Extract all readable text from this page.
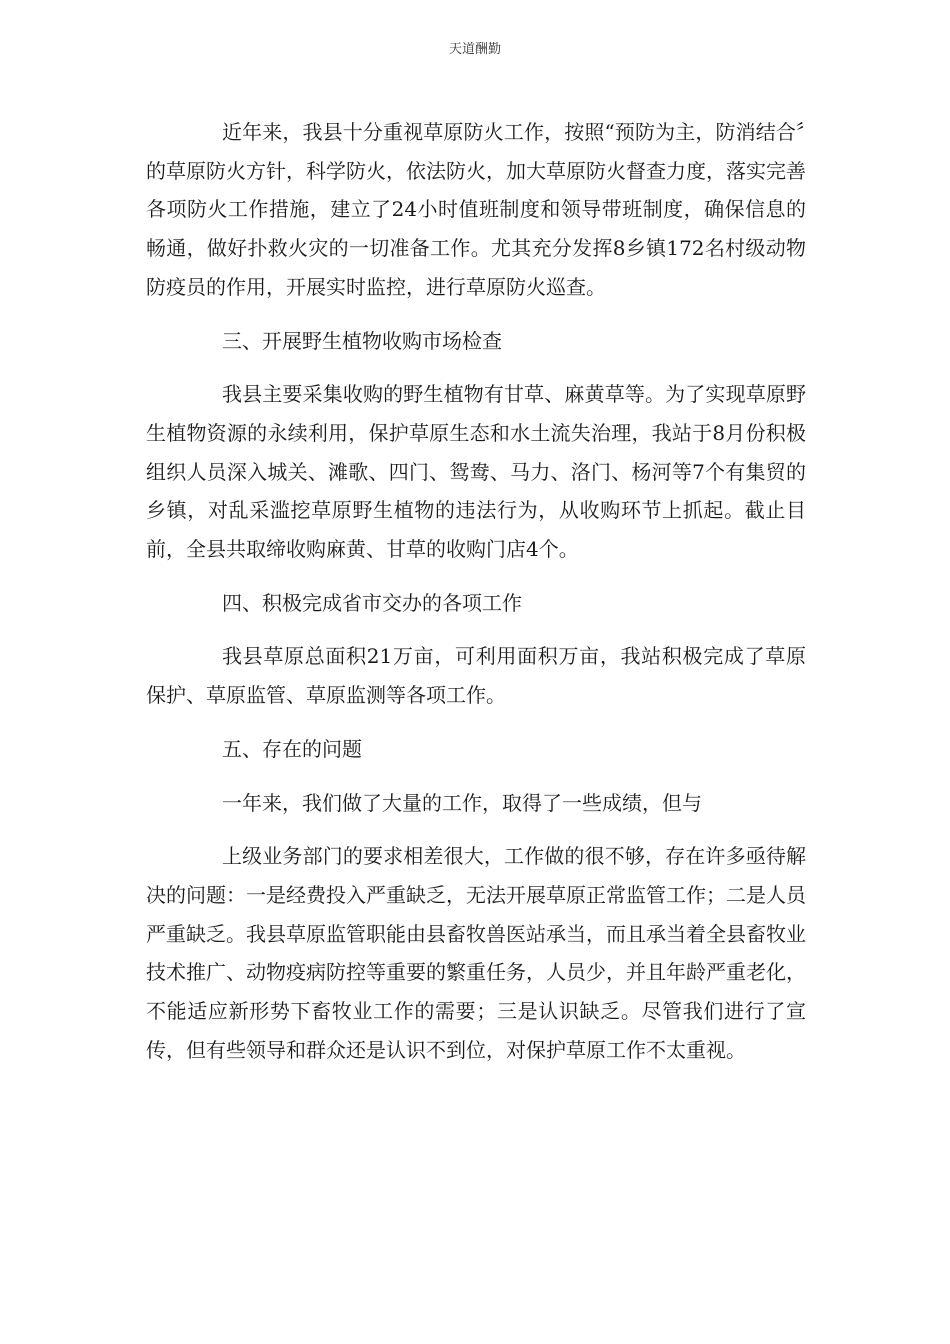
天道酬勤

近年来，我县十分重视草原防火工作，按照“预防为主，防消结合〞的草原防火方针，科学防火，依法防火，加大草原防火督查力度，落实完善各项防火工作措施，建立了24小时值班制度和领导带班制度，确保信息的畅通，做好扑救火灾的一切准备工作。尤其充分发挥8乡镇172名村级动物防疫员的作用，开展实时监控，进行草原防火巡查。

三、开展野生植物收购市场检查

我县主要采集收购的野生植物有甘草、麻黄草等。为了实现草原野生植物资源的永续利用，保护草原生态和水土流失治理，我站于8月份积极组织人员深入城关、滩歌、四门、鸳鸯、马力、洛门、杨河等7个有集贸的乡镇，对乱采滥挖草原野生植物的违法行为，从收购环节上抓起。截止目前，全县共取缔收购麻黄、甘草的收购门店4个。

四、积极完成省市交办的各项工作

我县草原总面积21万亩，可利用面积万亩，我站积极完成了草原保护、草原监管、草原监测等各项工作。

五、存在的问题

一年来，我们做了大量的工作，取得了一些成绩，但与

上级业务部门的要求相差很大，工作做的很不够，存在许多亟待解决的问题：一是经费投入严重缺乏，无法开展草原正常监管工作；二是人员严重缺乏。我县草原监管职能由县畜牧兽医站承当，而且承当着全县畜牧业技术推广、动物疫病防控等重要的繁重任务，人员少，并且年龄严重老化，不能适应新形势下畜牧业工作的需要；三是认识缺乏。尽管我们进行了宣传，但有些领导和群众还是认识不到位，对保护草原工作不太重视。
